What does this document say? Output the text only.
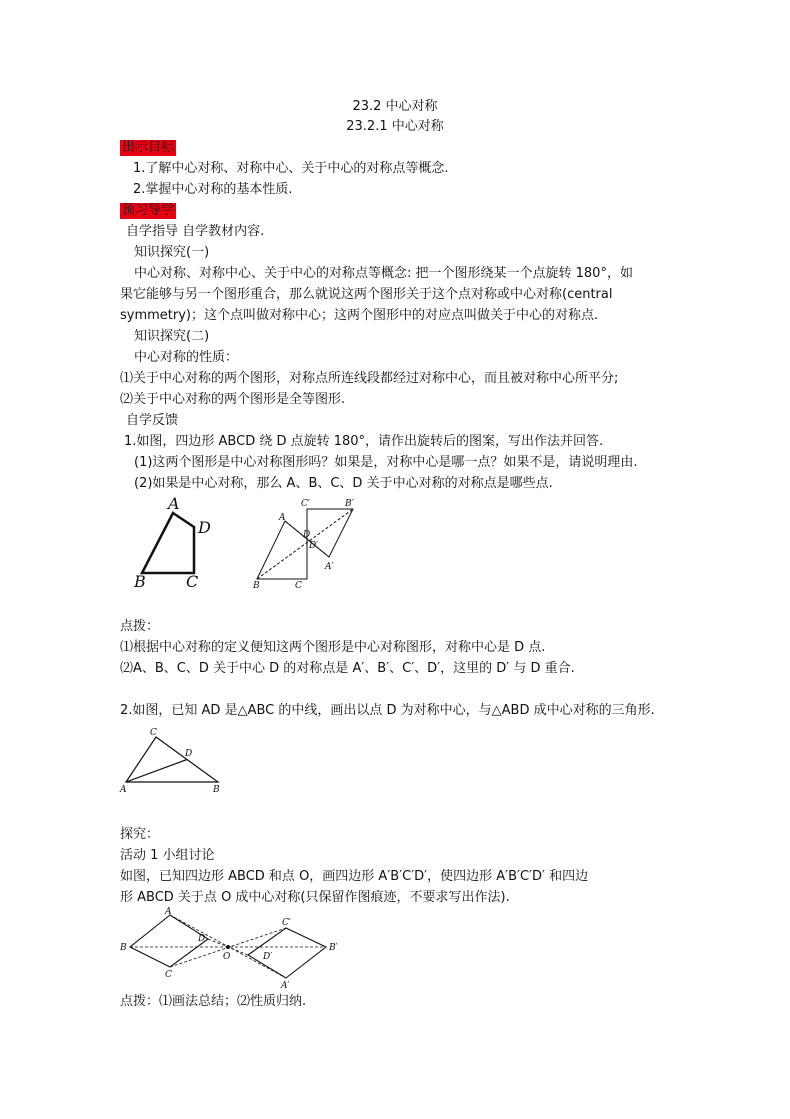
23.2 中心对称
23.2.1 中心对称
出示目标
1.了解中心对称、对称中心、关于中心的对称点等概念.
2.掌握中心对称的基本性质.
预习导学
自学指导 自学教材内容.
知识探究(一)
中心对称、对称中心、关于中心的对称点等概念: 把一个图形绕某一个点旋转 180°，如
果它能够与另一个图形重合，那么就说这两个图形关于这个点对称或中心对称(central
symmetry)；这个点叫做对称中心；这两个图形中的对应点叫做关于中心的对称点.
知识探究(二)
中心对称的性质：
⑴关于中心对称的两个图形，对称点所连线段都经过对称中心，而且被对称中心所平分;
⑵关于中心对称的两个图形是全等图形.
自学反馈
1.如图，四边形 ABCD 绕 D 点旋转 180°，请作出旋转后的图案，写出作法并回答.
(1)这两个图形是中心对称图形吗？如果是，对称中心是哪一点？如果不是，请说明理由.
(2)如果是中心对称，那么 A、B、C、D 关于中心对称的对称点是哪些点.
A
D
B	C
A
C′	B′
D
D′
A′
B	C
点拨：
⑴根据中心对称的定义便知这两个图形是中心对称图形，对称中心是 D 点.
⑵A、B、C、D 关于中心 D 的对称点是 A′、B′、C′、D′，这里的 D′ 与 D 重合.
2.如图，已知 AD 是△ABC 的中线，画出以点 D 为对称中心，与△ABD 成中心对称的三角形.
C
D
A	B
探究：
活动 1 小组讨论
如图，已知四边形 ABCD 和点 O，画四边形 A′B′C′D′，使四边形 A′B′C′D′ 和四边
形 ABCD 关于点 O 成中心对称(只保留作图痕迹，不要求写出作法).
A
B
C
D
O
C′
B′
D′
A′
点拨：⑴画法总结；⑵性质归纳.
